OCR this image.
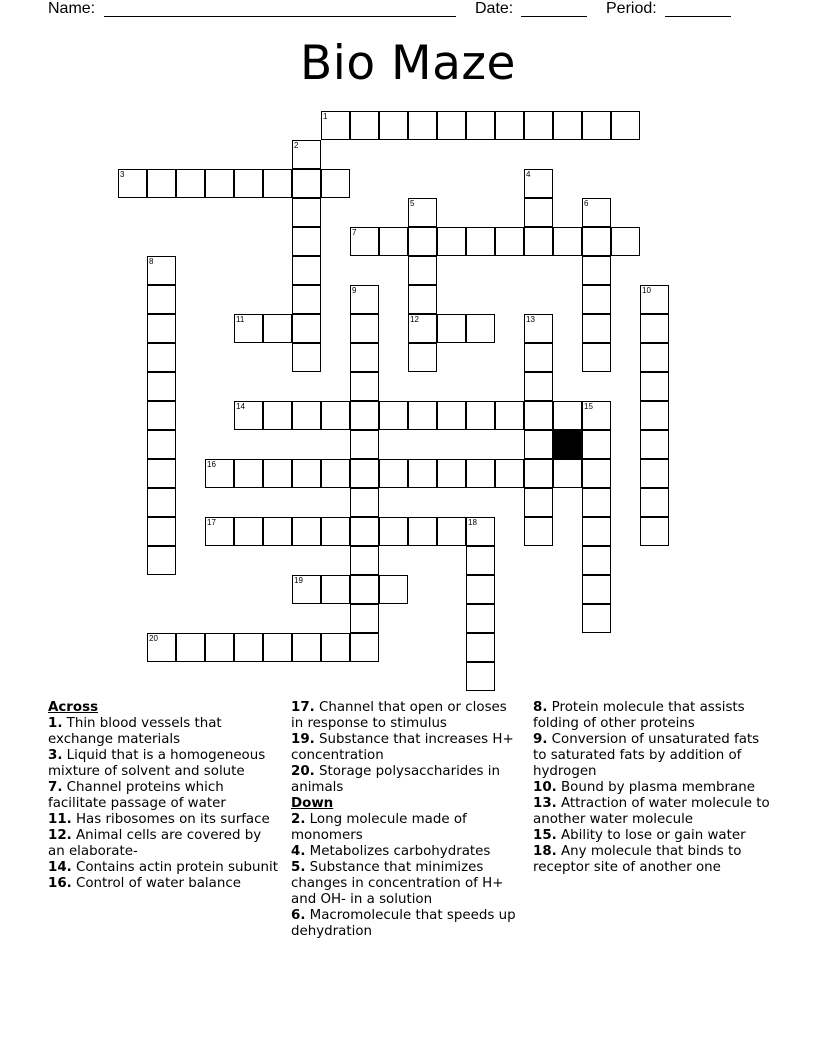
Name:	Date:	Period:
Bio Maze
1
3
7
11	12
14	15
16
17	18
19
20
2
4
5	6
8
9	10
13
Across
1. Thin blood vessels that exchange materials
3. Liquid that is a homogeneous mixture of solvent and solute
7. Channel proteins which facilitate passage of water
11. Has ribosomes on its surface
12. Animal cells are covered by an elaborate-
14. Contains actin protein subunit
16. Control of water balance
17. Channel that open or closes in response to stimulus
19. Substance that increases H+ concentration
20. Storage polysaccharides in animals
Down
2. Long molecule made of monomers
4. Metabolizes carbohydrates
5. Substance that minimizes changes in concentration of H+ and OH- in a solution
6. Macromolecule that speeds up dehydration
8. Protein molecule that assists folding of other proteins
9. Conversion of unsaturated fats to saturated fats by addition of hydrogen
10. Bound by plasma membrane
13. Attraction of water molecule to another water molecule
15. Ability to lose or gain water
18. Any molecule that binds to receptor site of another one
